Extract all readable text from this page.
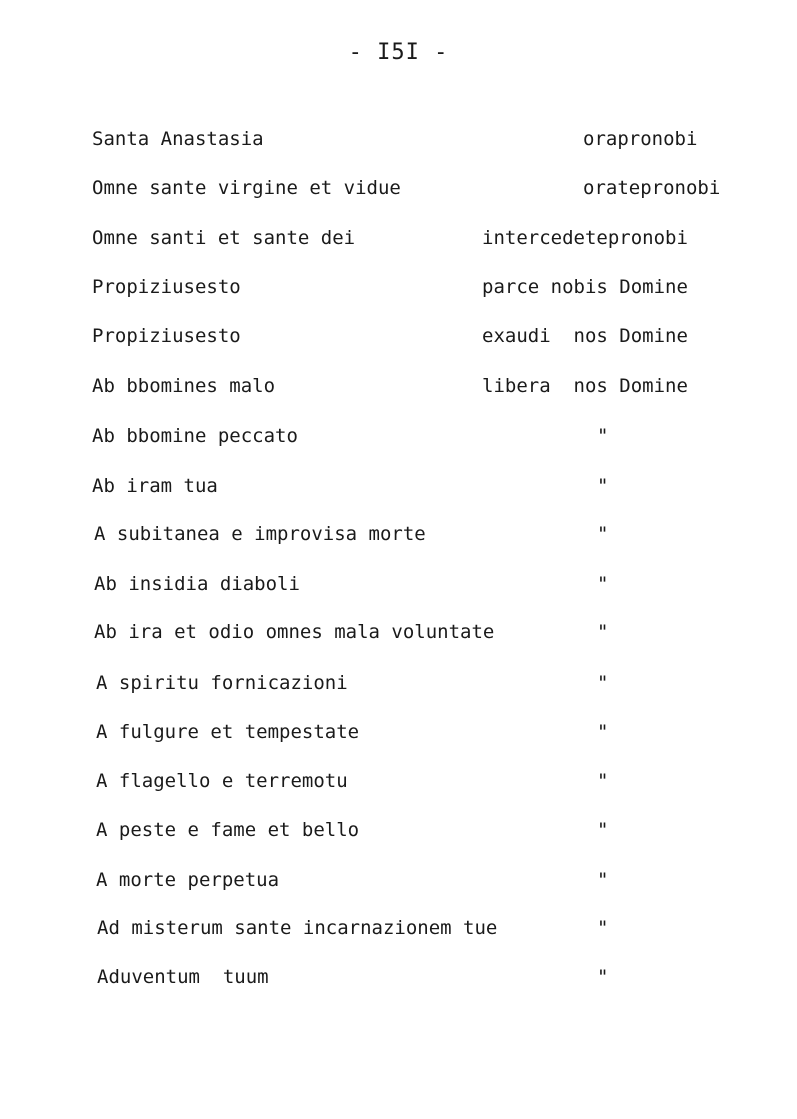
- I5I -
Santa Anastasia	orapronobi
Omne sante virgine et vidue	oratepronobi
Omne santi et sante dei	intercedetepronobi
Propiziusesto	parce nobis Domine
Propiziusesto	exaudi  nos Domine
Ab bbomines malo	libera  nos Domine
Ab bbomine peccato	"
Ab iram tua	"
A subitanea e improvisa morte	"
Ab insidia diaboli	"
Ab ira et odio omnes mala voluntate	"
A spiritu fornicazioni	"
A fulgure et tempestate	"
A flagello e terremotu	"
A peste e fame et bello	"
A morte perpetua	"
Ad misterum sante incarnazionem tue	"
Aduventum  tuum	"
